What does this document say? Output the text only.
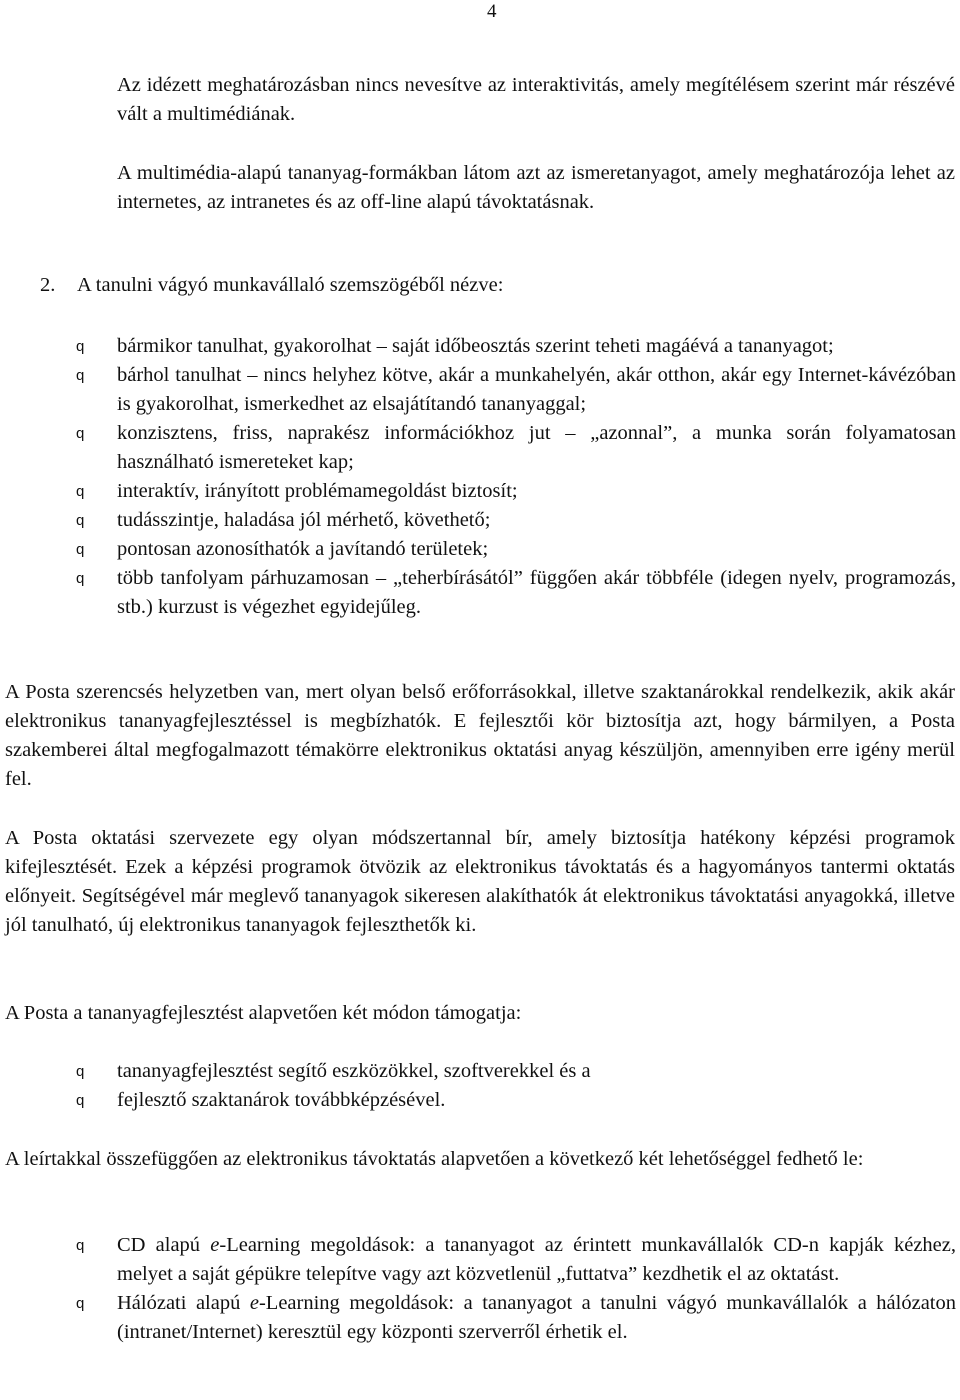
4

Az idézett meghatározásban nincs nevesítve az interaktivitás, amely megítélésem szerint már részévé vált a multimédiának.

A multimédia-alapú tananyag-formákban látom azt az ismeretanyagot, amely meghatározója lehet az internetes, az intranetes és az off-line alapú távoktatásnak.

2. A tanulni vágyó munkavállaló szemszögéből nézve:
q bármikor tanulhat, gyakorolhat – saját időbeosztás szerint teheti magáévá a tananyagot;
q bárhol tanulhat – nincs helyhez kötve, akár a munkahelyén, akár otthon, akár egy Internet-kávézóban is gyakorolhat, ismerkedhet az elsajátítandó tananyaggal;
q konzisztens, friss, naprakész információkhoz jut – „azonnal”, a munka során folyamatosan használható ismereteket kap;
q interaktív, irányított problémamegoldást biztosít;
q tudásszintje, haladása jól mérhető, követhető;
q pontosan azonosíthatók a javítandó területek;
q több tanfolyam párhuzamosan – „teherbírásától” függően akár többféle (idegen nyelv, programozás, stb.) kurzust is végezhet egyidejűleg.

A Posta szerencsés helyzetben van, mert olyan belső erőforrásokkal, illetve szaktanárokkal rendelkezik, akik akár elektronikus tananyagfejlesztéssel is megbízhatók. E fejlesztői kör biztosítja azt, hogy bármilyen, a Posta szakemberei által megfogalmazott témakörre elektronikus oktatási anyag készüljön, amennyiben erre igény merül fel.

A Posta oktatási szervezete egy olyan módszertannal bír, amely biztosítja hatékony képzési programok kifejlesztését. Ezek a képzési programok ötvözik az elektronikus távoktatás és a hagyományos tantermi oktatás előnyeit. Segítségével már meglevő tananyagok sikeresen alakíthatók át elektronikus távoktatási anyagokká, illetve jól tanulható, új elektronikus tananyagok fejleszthetők ki.

A Posta a tananyagfejlesztést alapvetően két módon támogatja:

q tananyagfejlesztést segítő eszközökkel, szoftverekkel és a
q fejlesztő szaktanárok továbbképzésével.

A leírtakkal összefüggően az elektronikus távoktatás alapvetően a következő két lehetőséggel fedhető le:

q CD alapú e-Learning megoldások: a tananyagot az érintett munkavállalók CD-n kapják kézhez, melyet a saját gépükre telepítve vagy azt közvetlenül „futtatva” kezdhetik el az oktatást.
q Hálózati alapú e-Learning megoldások: a tananyagot a tanulni vágyó munkavállalók a hálózaton (intranet/Internet) keresztül egy központi szerverről érhetik el.
